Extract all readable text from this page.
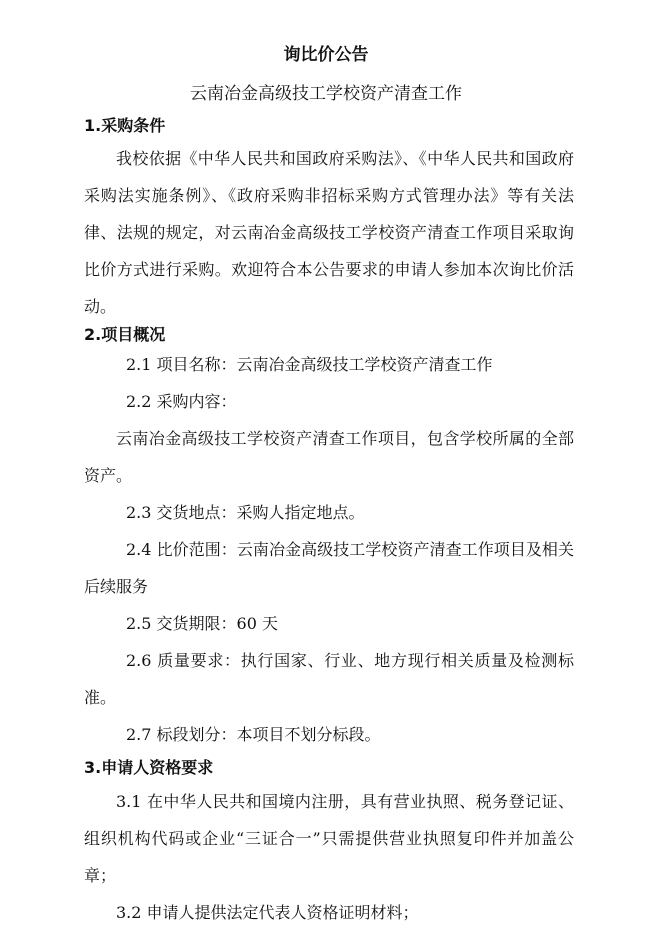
询比价公告
云南冶金高级技工学校资产清查工作
1.采购条件
我校依据《中华人民共和国政府采购法》、《中华人民共和国政府采购法实施条例》、《政府采购非招标采购方式管理办法》等有关法律、法规的规定，对云南冶金高级技工学校资产清查工作项目采取询比价方式进行采购。欢迎符合本公告要求的申请人参加本次询比价活动。
2.项目概况
2.1 项目名称：云南冶金高级技工学校资产清查工作
2.2 采购内容：
云南冶金高级技工学校资产清查工作项目，包含学校所属的全部资产。
2.3 交货地点：采购人指定地点。
2.4 比价范围：云南冶金高级技工学校资产清查工作项目及相关后续服务
2.5 交货期限：60 天
2.6 质量要求：执行国家、行业、地方现行相关质量及检测标准。
2.7 标段划分：本项目不划分标段。
3.申请人资格要求
3.1 在中华人民共和国境内注册，具有营业执照、税务登记证、组织机构代码或企业“三证合一”只需提供营业执照复印件并加盖公章；
3.2 申请人提供法定代表人资格证明材料；
